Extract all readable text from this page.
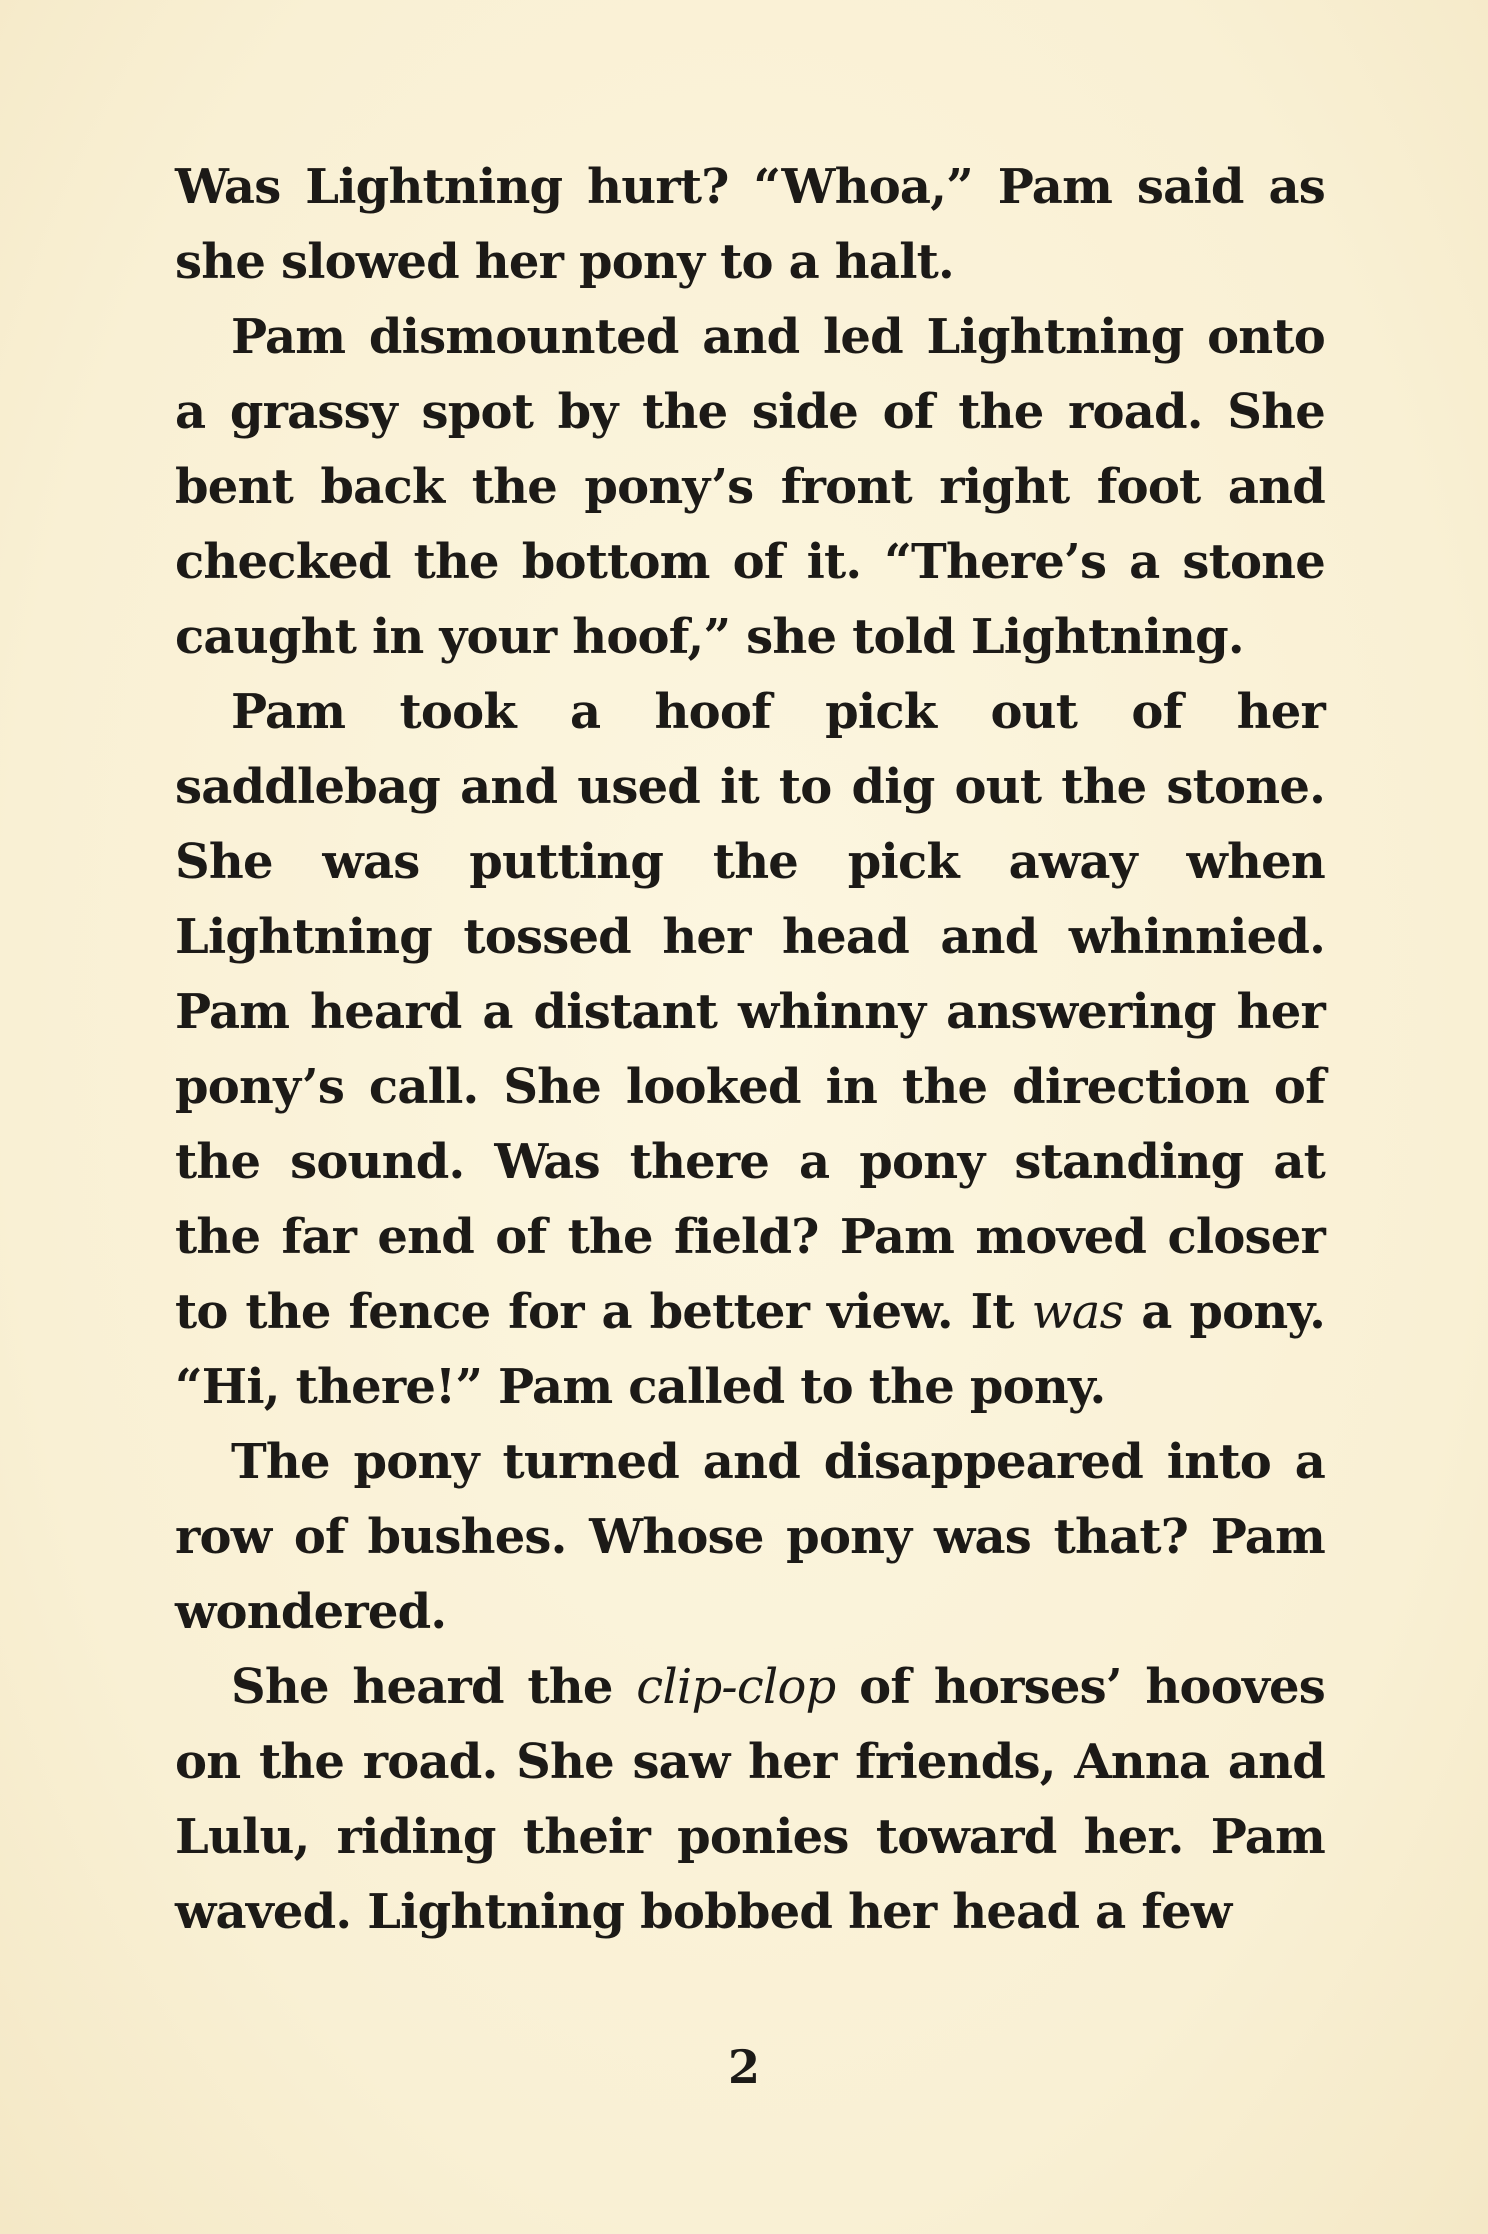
Was Lightning hurt? “Whoa,” Pam said as she slowed her pony to a halt.

Pam dismounted and led Lightning onto a grassy spot by the side of the road. She bent back the pony’s front right foot and checked the bottom of it. “There’s a stone caught in your hoof,” she told Lightning.

Pam took a hoof pick out of her saddlebag and used it to dig out the stone. She was putting the pick away when Lightning tossed her head and whinnied. Pam heard a distant whinny answering her pony’s call. She looked in the direction of the sound. Was there a pony standing at the far end of the field? Pam moved closer to the fence for a better view. It was a pony. “Hi, there!” Pam called to the pony.

The pony turned and disappeared into a row of bushes. Whose pony was that? Pam wondered.

She heard the clip-clop of horses’ hooves on the road. She saw her friends, Anna and Lulu, riding their ponies toward her. Pam waved. Lightning bobbed her head a few

2
